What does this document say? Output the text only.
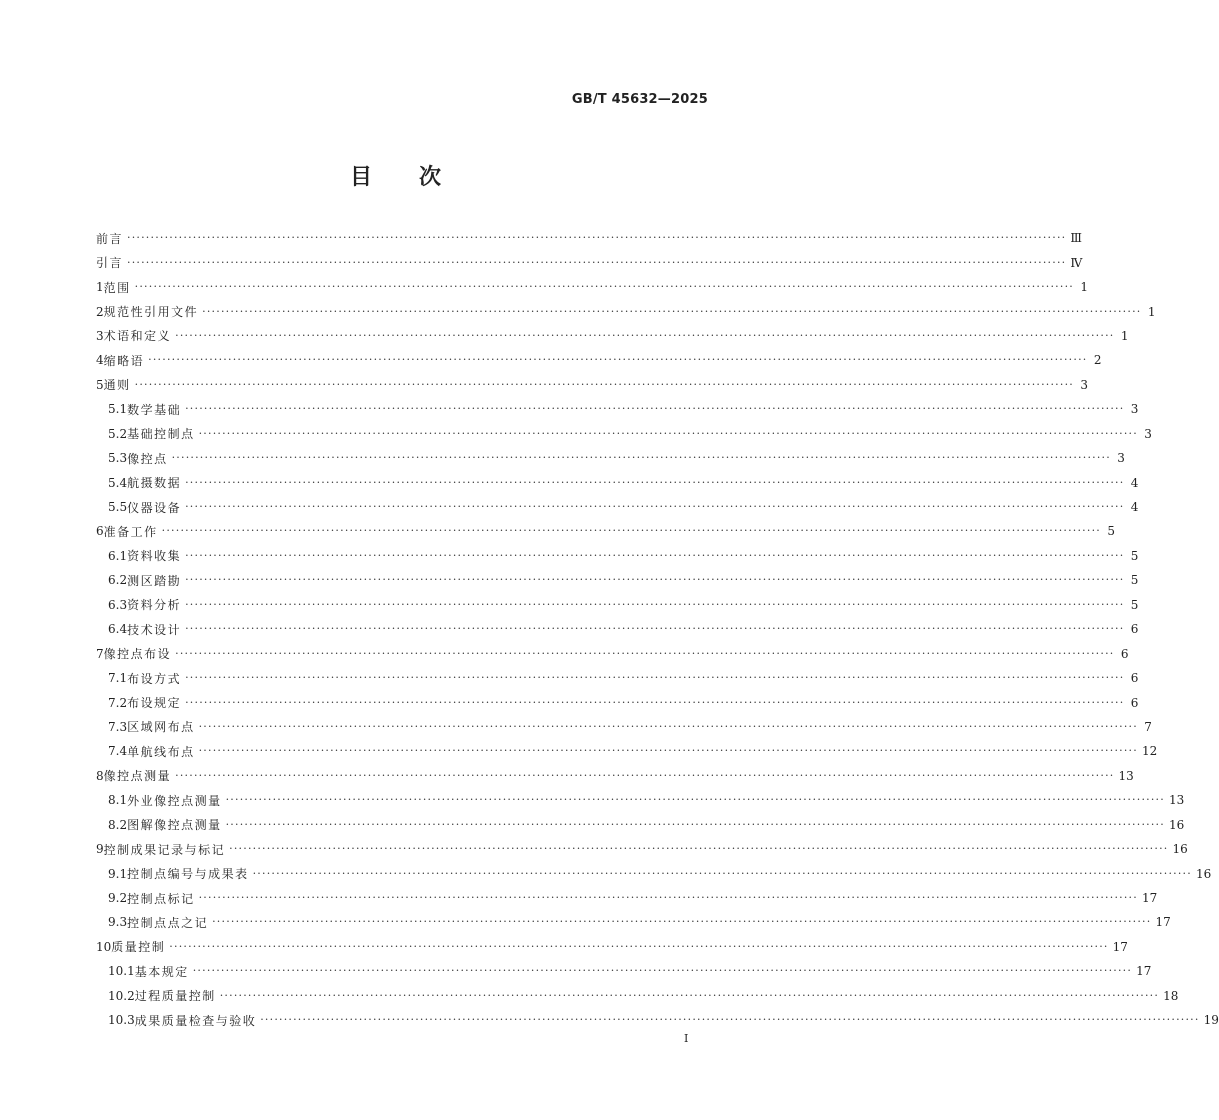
GB/T 45632—2025
目　　次
前言 ········································································································································································································ Ⅲ
引言 ········································································································································································································ Ⅳ
1 范围 ········································································································································································································ 1
2 规范性引用文件 ········································································································································································································ 1
3 术语和定义 ········································································································································································································ 1
4 缩略语 ········································································································································································································ 2
5 通则 ········································································································································································································ 3
5.1 数学基础 ········································································································································································································ 3
5.2 基础控制点 ········································································································································································································ 3
5.3 像控点 ········································································································································································································ 3
5.4 航摄数据 ········································································································································································································ 4
5.5 仪器设备 ········································································································································································································ 4
6 准备工作 ········································································································································································································ 5
6.1 资料收集 ········································································································································································································ 5
6.2 测区踏勘 ········································································································································································································ 5
6.3 资料分析 ········································································································································································································ 5
6.4 技术设计 ········································································································································································································ 6
7 像控点布设 ········································································································································································································ 6
7.1 布设方式 ········································································································································································································ 6
7.2 布设规定 ········································································································································································································ 6
7.3 区域网布点 ········································································································································································································ 7
7.4 单航线布点 ········································································································································································································ 12
8 像控点测量 ········································································································································································································ 13
8.1 外业像控点测量 ········································································································································································································ 13
8.2 图解像控点测量 ········································································································································································································ 16
9 控制成果记录与标记 ········································································································································································································ 16
9.1 控制点编号与成果表 ········································································································································································································ 16
9.2 控制点标记 ········································································································································································································ 17
9.3 控制点点之记 ········································································································································································································ 17
10 质量控制 ········································································································································································································ 17
10.1 基本规定 ········································································································································································································ 17
10.2 过程质量控制 ········································································································································································································ 18
10.3 成果质量检查与验收 ········································································································································································································ 19
I
